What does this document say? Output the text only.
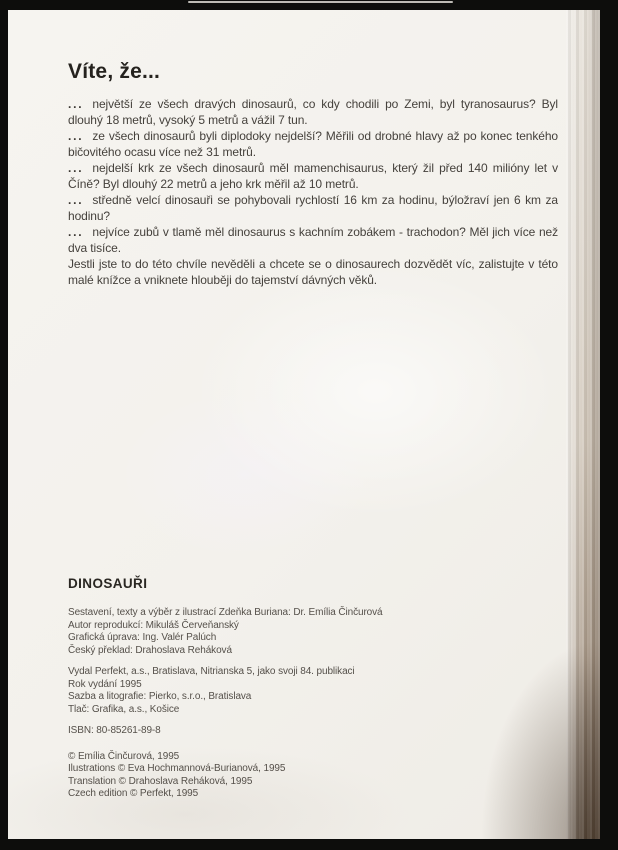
Víte, že...

... největší ze všech dravých dinosaurů, co kdy chodili po Zemi, byl tyranosaurus? Byl dlouhý 18 metrů, vysoký 5 metrů a vážil 7 tun.

... ze všech dinosaurů byli diplodoky nejdelší? Měřili od drobné hlavy až po konec tenkého bičovitého ocasu více než 31 metrů.

... nejdelší krk ze všech dinosaurů měl mamenchisaurus, který žil před 140 milióny let v Číně? Byl dlouhý 22 metrů a jeho krk měřil až 10 metrů.

... středně velcí dinosauři se pohybovali rychlostí 16 km za hodinu, býložraví jen 6 km za hodinu?

... nejvíce zubů v tlamě měl dinosaurus s kachním zobákem - trachodon? Měl jich více než dva tisíce.

Jestli jste to do této chvíle nevěděli a chcete se o dinosaurech dozvědět víc, zalistujte v této malé knížce a vniknete hlouběji do tajemství dávných věků.

DINOSAUŘI

Sestavení, texty a výběr z ilustrací Zdeňka Buriana: Dr. Emília Činčurová

Autor reprodukcí: Mikuláš Červeňanský

Grafická úprava: Ing. Valér Palúch

Český překlad: Drahoslava Reháková

Vydal Perfekt, a.s., Bratislava, Nitrianska 5, jako svoji 84. publikaci

Rok vydání 1995

Sazba a litografie: Pierko, s.r.o., Bratislava

Tlač: Grafika, a.s., Košice

ISBN: 80-85261-89-8

© Emília Činčurová, 1995

Ilustrations © Eva Hochmannová-Burianová, 1995

Translation © Drahoslava Reháková, 1995

Czech edition © Perfekt, 1995
